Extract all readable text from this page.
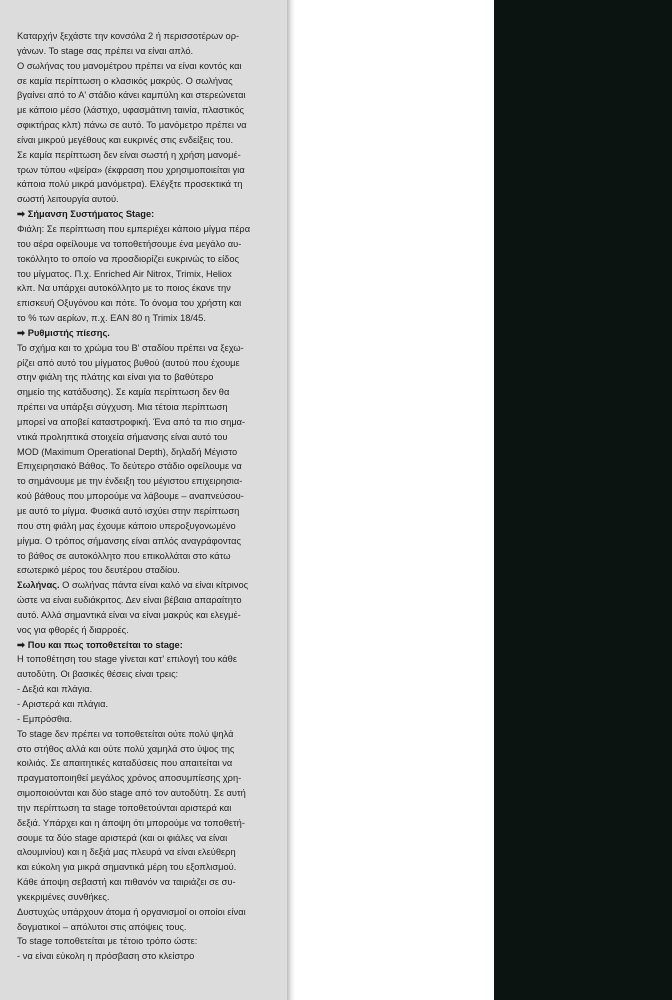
Καταρχήν ξεχάστε την κονσόλα 2 ή περισσοτέρων ορ-
γάνων. Το stage σας πρέπει να είναι απλό.
Ο σωλήνας του μανομέτρου πρέπει να είναι κοντός και
σε καμία περίπτωση ο κλασικός μακρύς. Ο σωλήνας
βγαίνει από το Α' στάδιο κάνει καμπύλη και στερεώνεται
με κάποιο μέσο (λάστιχο, υφασμάτινη ταινία, πλαστικός
σφικτήρας κλπ) πάνω σε αυτό. Το μανόμετρο πρέπει να
είναι μικρού μεγέθους και ευκρινές στις ενδείξεις του.
Σε καμία περίπτωση δεν είναι σωστή η χρήση μανομέ-
τρων τύπου «ψείρα» (έκφραση που χρησιμοποιείται για
κάποια πολύ μικρά μανόμετρα). Ελέγξτε προσεκτικά τη
σωστή λειτουργία αυτού.
➡ Σήμανση Συστήματος Stage:
Φιάλη: Σε περίπτωση που εμπεριέχει κάποιο μίγμα πέρα
του αέρα οφείλουμε να τοποθετήσουμε ένα μεγάλο αυ-
τοκόλλητο το οποίο να προσδιορίζει ευκρινώς το είδος
του μίγματος. Π.χ. Enriched Air Nitrox, Trimix, Heliox
κλπ. Να υπάρχει αυτοκόλλητο με το ποιος έκανε την
επισκευή Οξυγόνου και πότε. Το όνομα του χρήστη και
το % των αερίων, π.χ. EAN 80 η Trimix 18/45.
➡ Ρυθμιστής πίεσης.
Το σχήμα και το χρώμα του Β' σταδίου πρέπει να ξεχω-
ρίζει από αυτό του μίγματος βυθού (αυτού που έχουμε
στην φιάλη της πλάτης και είναι για το βαθύτερο
σημείο της κατάδυσης). Σε καμία περίπτωση δεν θα
πρέπει να υπάρξει σύγχυση. Μια τέτοια περίπτωση
μπορεί να αποβεί καταστροφική. Ένα από τα πιο σημα-
ντικά προληπτικά στοιχεία σήμανσης είναι αυτό του
MOD (Maximum Operational Depth), δηλαδή Μέγιστο
Επιχειρησιακό Βάθος. Το δεύτερο στάδιο οφείλουμε να
το σημάνουμε με την ένδειξη του μέγιστου επιχειρησια-
κού βάθους που μπορούμε να λάβουμε – αναπνεύσου-
με αυτό το μίγμα. Φυσικά αυτό ισχύει στην περίπτωση
που στη φιάλη μας έχουμε κάποιο υπεροξυγονωμένο
μίγμα. Ο τρόπος σήμανσης είναι απλός αναγράφοντας
το βάθος σε αυτοκόλλητο που επικολλάται στο κάτω
εσωτερικό μέρος του δευτέρου σταδίου.
Σωλήνας. Ο σωλήνας πάντα είναι καλό να είναι κίτρινος
ώστε να είναι ευδιάκριτος. Δεν είναι βέβαια απαραίτητο
αυτό. Αλλά σημαντικά είναι να είναι μακρύς και ελεγμέ-
νος για φθορές ή διαρροές.
➡ Που και πως τοποθετείται το stage:
Η τοποθέτηση του stage γίνεται κατ' επιλογή του κάθε
αυτοδύτη. Οι βασικές θέσεις είναι τρεις:
- Δεξιά και πλάγια.
- Αριστερά και πλάγια.
- Εμπρόσθια.
Το stage δεν πρέπει να τοποθετείται ούτε πολύ ψηλά
στο στήθος αλλά και ούτε πολύ χαμηλά στο ύψος της
κοιλιάς. Σε απαιτητικές καταδύσεις που απαιτείται να
πραγματοποιηθεί μεγάλος χρόνος αποσυμπίεσης χρη-
σιμοποιούνται και δύο stage από τον αυτοδύτη. Σε αυτή
την περίπτωση τα stage τοποθετούνται αριστερά και
δεξιά. Υπάρχει και η άποψη ότι μπορούμε να τοποθετή-
σουμε τα δύο stage αριστερά (και οι φιάλες να είναι
αλουμινίου) και η δεξιά μας πλευρά να είναι ελεύθερη
και εύκολη για μικρά σημαντικά μέρη του εξοπλισμού.
Κάθε άποψη σεβαστή και πιθανόν να ταιριάζει σε συ-
γκεκριμένες συνθήκες.
Δυστυχώς υπάρχουν άτομα ή οργανισμοί οι οποίοι είναι
δογματικοί – απόλυτοι στις απόψεις τους.
Το stage τοποθετείται με τέτοιο τρόπο ώστε:
- να είναι εύκολη η πρόσβαση στο κλείστρο
